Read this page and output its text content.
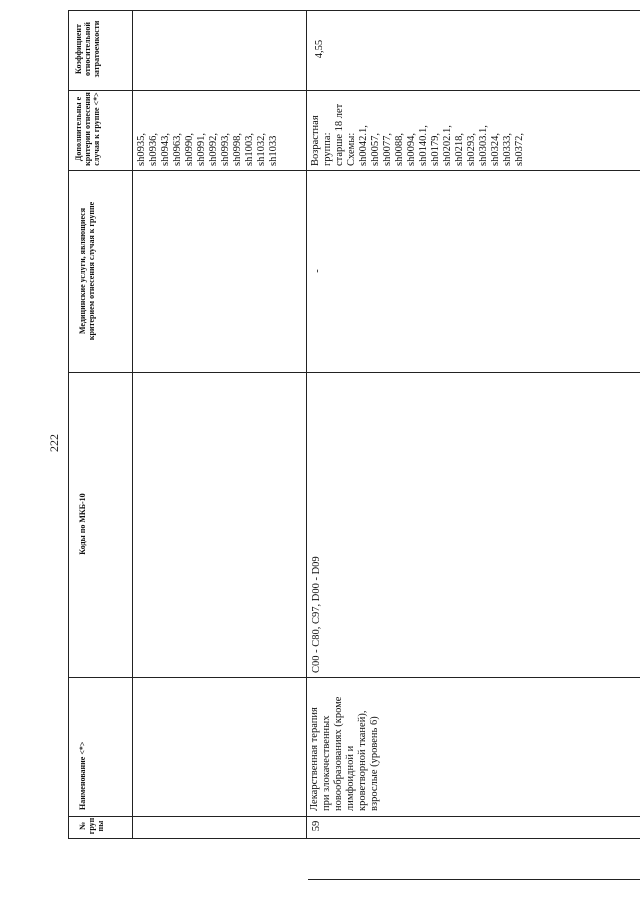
222
№ груп пы
Наименование <*>
Коды по МКБ-10
Медицинские услуги, являющиеся критерием отнесения случая к группе
Дополнительны е критерии отнесения случая к группе <*>
Коэффициент относительной затратоемкости
sh0935, sh0936, sh0943, sh0963, sh0990, sh0991, sh0992, sh0993, sh0998, sh1003, sh1032, sh1033
59
Лекарственная терапия при злокачественных новообразованиях (кроме лимфоидной и кроветворной тканей), взрослые (уровень 6)
C00 - C80, C97, D00 - D09
-
Возрастная группа: старше 18 лет Схемы: sh0042.1, sh0057, sh0077, sh0088, sh0094, sh0140.1, sh0179, sh0202.1, sh0218, sh0293, sh0303.1, sh0324, sh0333, sh0372,
4,55
